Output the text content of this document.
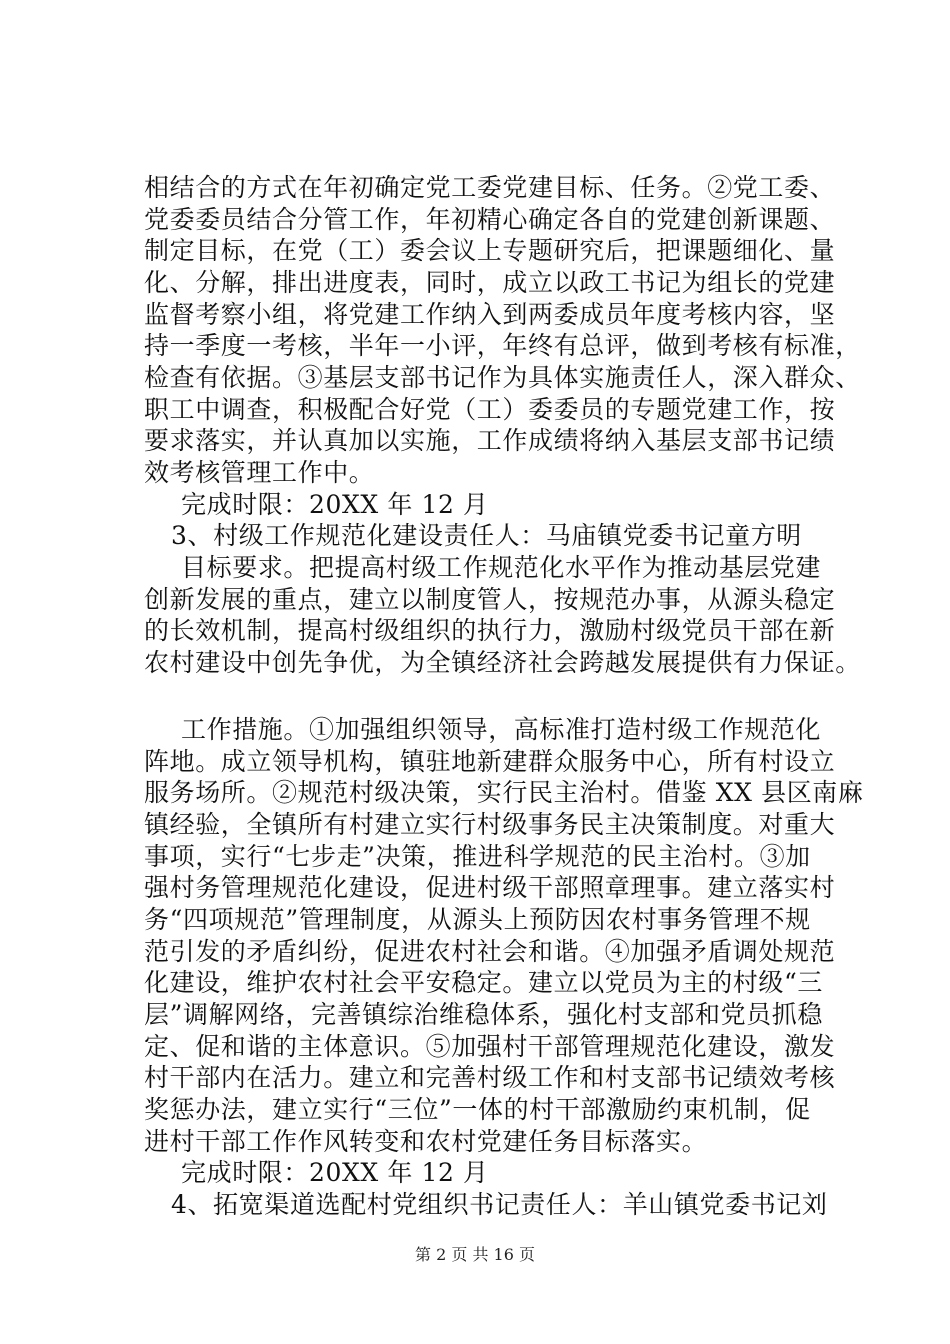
相结合的方式在年初确定党工委党建目标、任务。②党工委、
党委委员结合分管工作，年初精心确定各自的党建创新课题、
制定目标，在党（工）委会议上专题研究后，把课题细化、量
化、分解，排出进度表，同时，成立以政工书记为组长的党建
监督考察小组，将党建工作纳入到两委成员年度考核内容，坚
持一季度一考核，半年一小评，年终有总评，做到考核有标准，
检查有依据。③基层支部书记作为具体实施责任人，深入群众、
职工中调查，积极配合好党（工）委委员的专题党建工作，按
要求落实，并认真加以实施，工作成绩将纳入基层支部书记绩
效考核管理工作中。
完成时限：20XX 年 12 月
3、村级工作规范化建设责任人：马庙镇党委书记童方明
目标要求。把提高村级工作规范化水平作为推动基层党建
创新发展的重点，建立以制度管人，按规范办事，从源头稳定
的长效机制，提高村级组织的执行力，激励村级党员干部在新
农村建设中创先争优，为全镇经济社会跨越发展提供有力保证。
工作措施。①加强组织领导，高标准打造村级工作规范化
阵地。成立领导机构，镇驻地新建群众服务中心，所有村设立
服务场所。②规范村级决策，实行民主治村。借鉴 XX 县区南麻
镇经验，全镇所有村建立实行村级事务民主决策制度。对重大
事项，实行“七步走”决策，推进科学规范的民主治村。③加
强村务管理规范化建设，促进村级干部照章理事。建立落实村
务“四项规范”管理制度，从源头上预防因农村事务管理不规
范引发的矛盾纠纷，促进农村社会和谐。④加强矛盾调处规范
化建设，维护农村社会平安稳定。建立以党员为主的村级“三
层”调解网络，完善镇综治维稳体系，强化村支部和党员抓稳
定、促和谐的主体意识。⑤加强村干部管理规范化建设，激发
村干部内在活力。建立和完善村级工作和村支部书记绩效考核
奖惩办法，建立实行“三位”一体的村干部激励约束机制，促
进村干部工作作风转变和农村党建任务目标落实。
完成时限：20XX 年 12 月
4、拓宽渠道选配村党组织书记责任人：羊山镇党委书记刘
第 2 页 共 16 页
